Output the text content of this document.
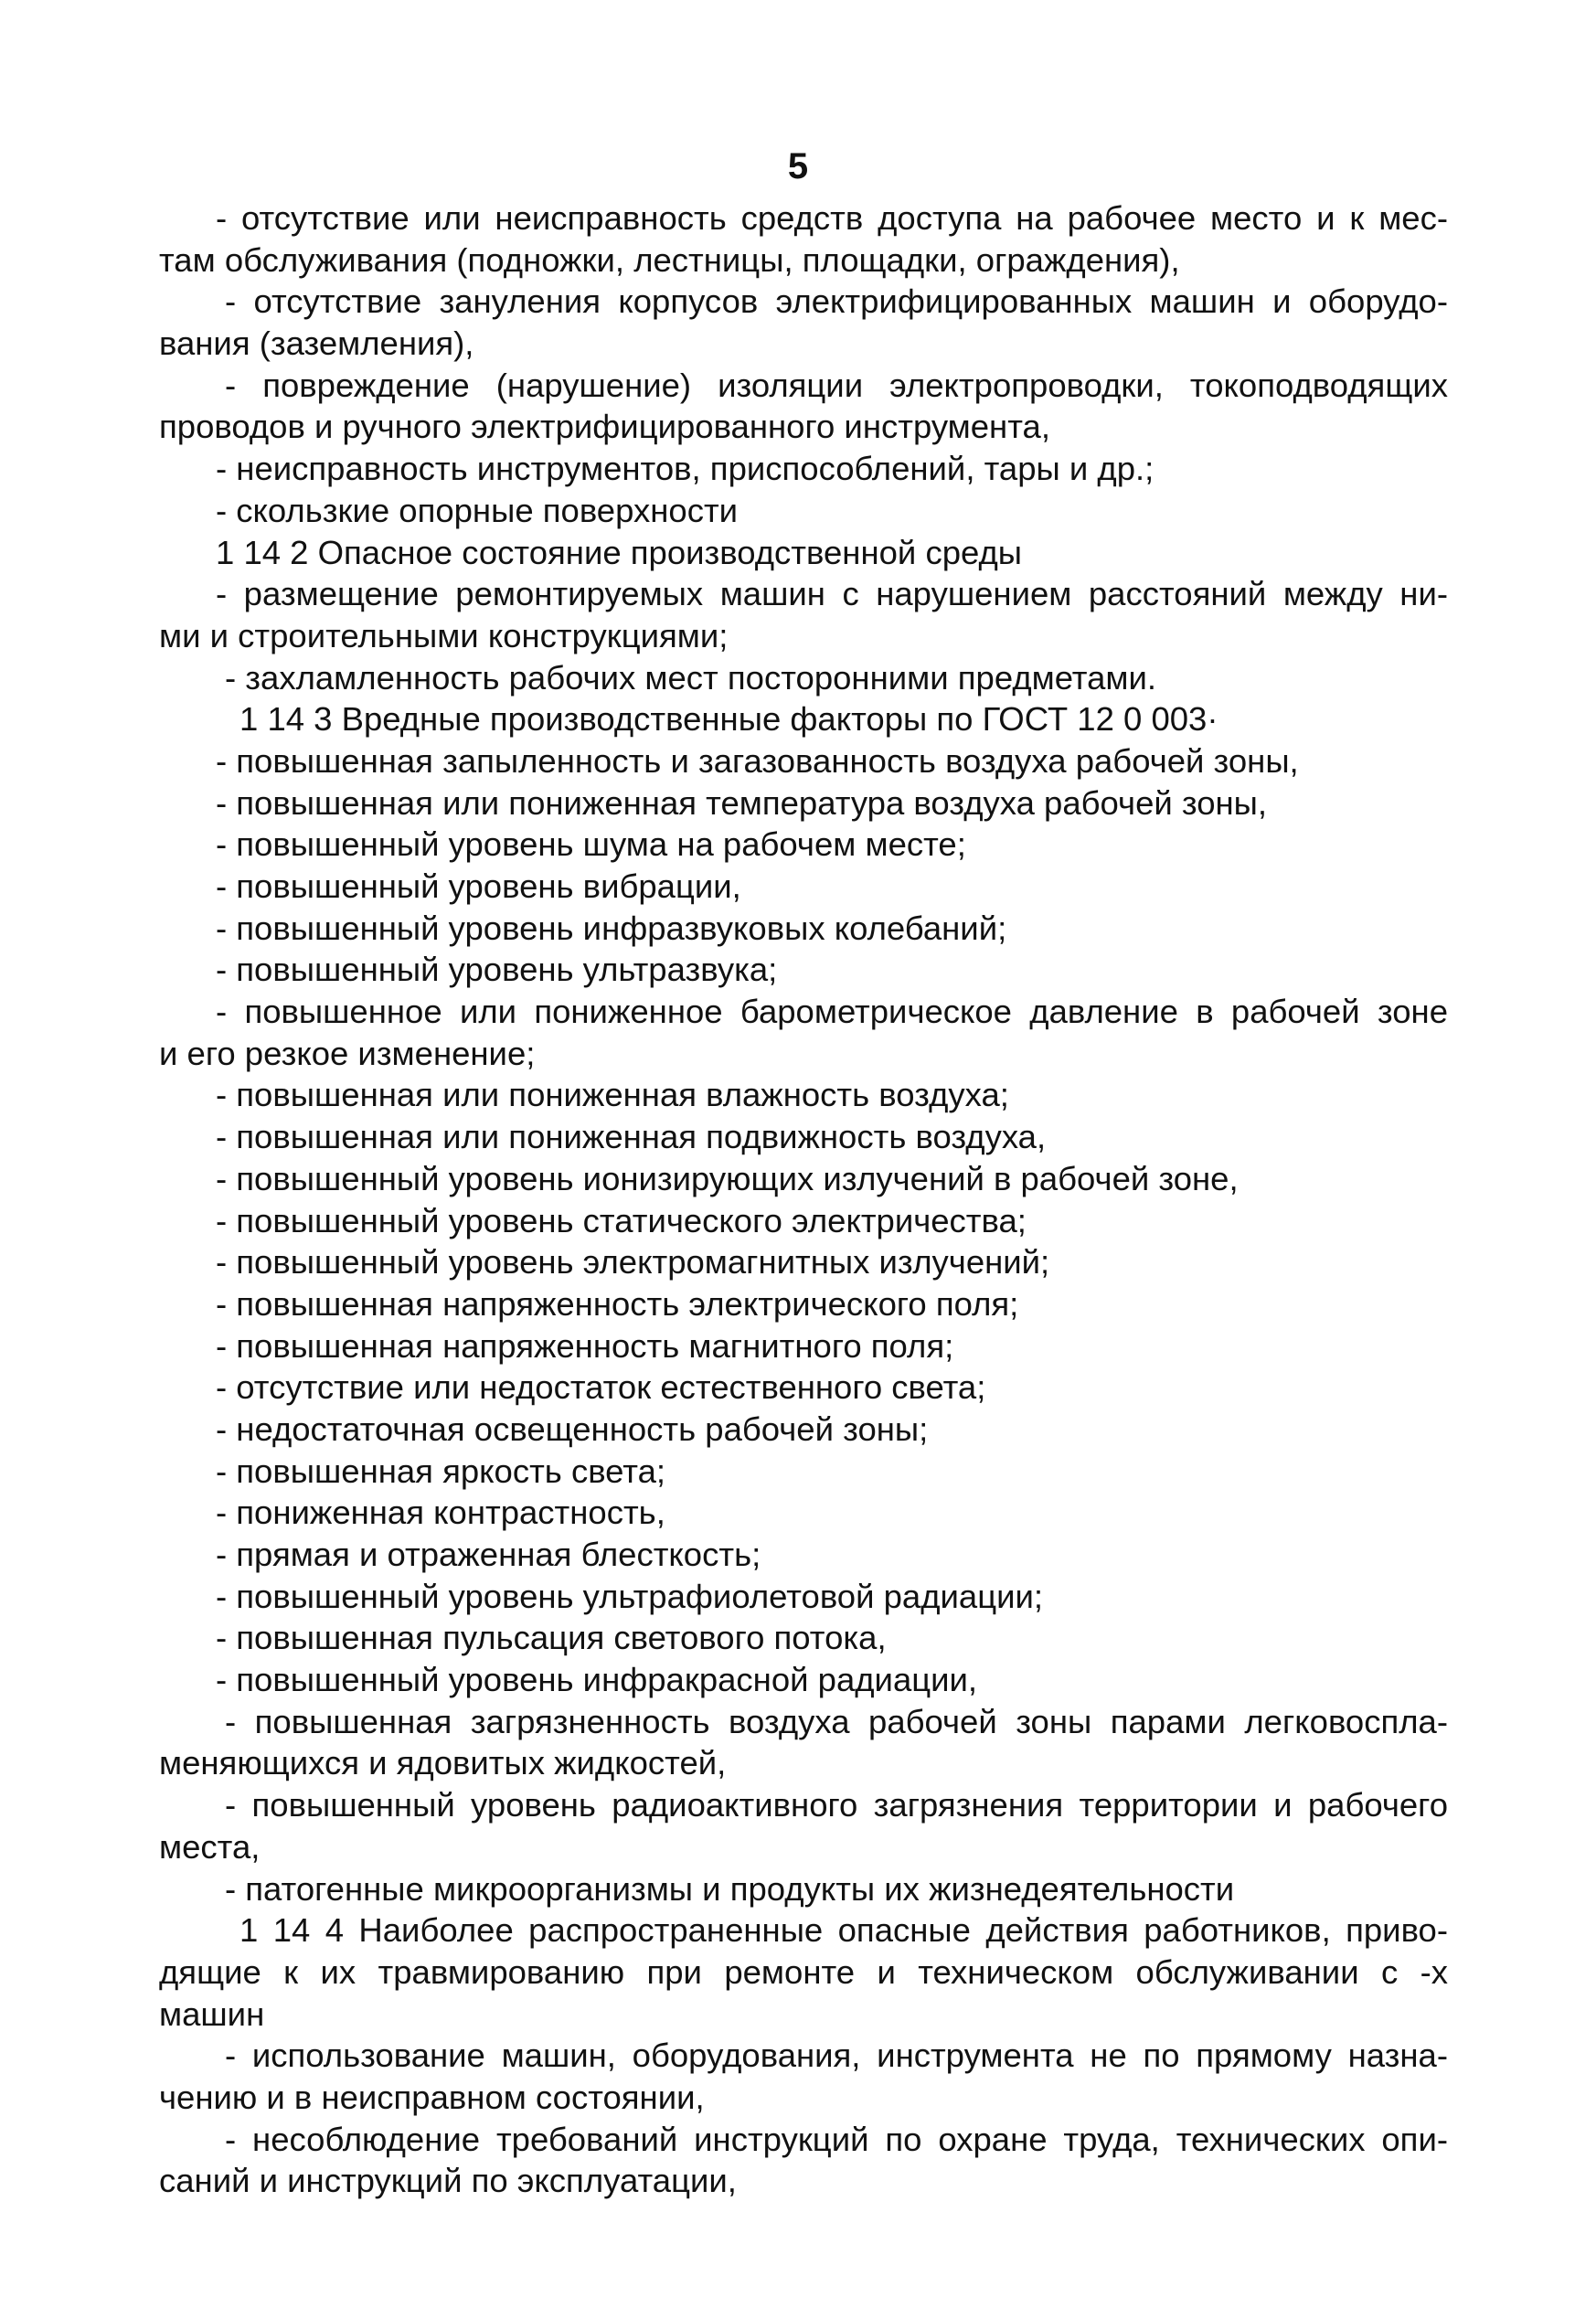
5
- отсутствие или неисправность средств доступа на рабочее место и к мес-
там обслуживания (подножки, лестницы, площадки, ограждения),
- отсутствие зануления корпусов электрифицированных машин и оборудо-
вания (заземления),
- повреждение (нарушение) изоляции электропроводки, токоподводящих
проводов и ручного электрифицированного инструмента,
- неисправность инструментов, приспособлений, тары и др.;
- скользкие опорные поверхности
1 14 2 Опасное состояние производственной среды
- размещение ремонтируемых машин с нарушением расстояний между ни-
ми и строительными конструкциями;
- захламленность рабочих мест посторонними предметами.
1 14 3 Вредные производственные факторы по ГОСТ 12 0 003·
- повышенная запыленность и загазованность воздуха рабочей зоны,
- повышенная или пониженная температура воздуха рабочей зоны,
- повышенный уровень шума на рабочем месте;
- повышенный уровень вибрации,
- повышенный уровень инфразвуковых колебаний;
- повышенный уровень ультразвука;
- повышенное или пониженное барометрическое давление в рабочей зоне
и его резкое изменение;
- повышенная или пониженная влажность воздуха;
- повышенная или пониженная подвижность воздуха,
- повышенный уровень ионизирующих излучений в рабочей зоне,
- повышенный уровень статического электричества;
- повышенный уровень электромагнитных излучений;
- повышенная напряженность электрического поля;
- повышенная напряженность магнитного поля;
- отсутствие или недостаток естественного света;
- недостаточная освещенность рабочей зоны;
- повышенная яркость света;
- пониженная контрастность,
- прямая и отраженная блесткость;
- повышенный уровень ультрафиолетовой радиации;
- повышенная пульсация светового потока,
- повышенный уровень инфракрасной радиации,
- повышенная загрязненность воздуха рабочей зоны парами легковоспла-
меняющихся и ядовитых жидкостей,
- повышенный уровень радиоактивного загрязнения территории и рабочего
места,
- патогенные микроорганизмы и продукты их жизнедеятельности
1 14 4 Наиболее распространенные опасные действия работников, приво-
дящие к их травмированию при ремонте и техническом обслуживании с -х
машин
- использование машин, оборудования, инструмента не по прямому назна-
чению и в неисправном состоянии,
- несоблюдение требований инструкций по охране труда, технических опи-
саний и инструкций по эксплуатации,
